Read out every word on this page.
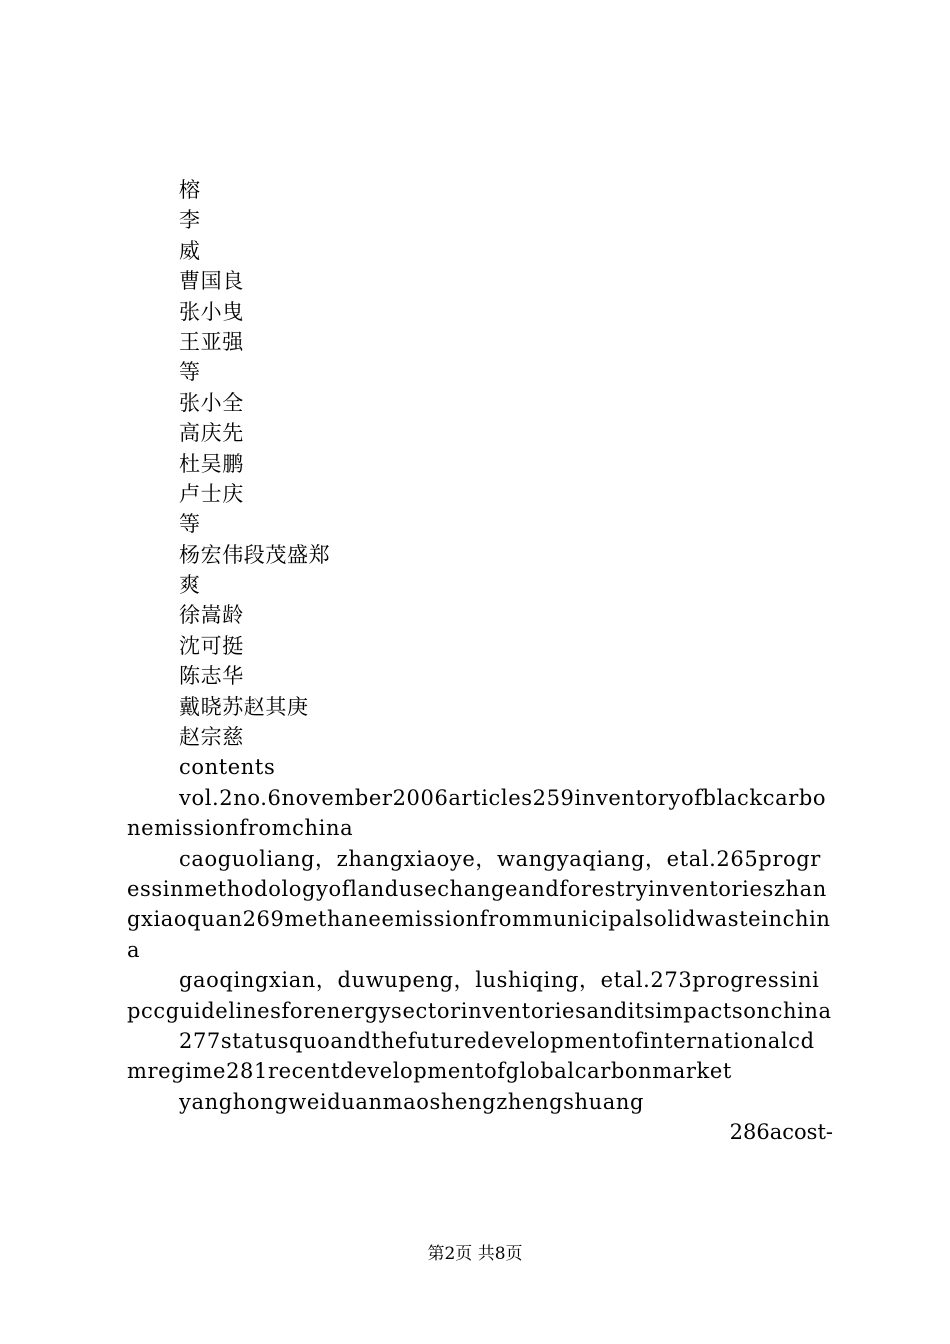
榕
李
威
曹国良
张小曳
王亚强
等
张小全
高庆先
杜吴鹏
卢士庆
等
杨宏伟段茂盛郑
爽
徐嵩龄
沈可挺
陈志华
戴晓苏赵其庚
赵宗慈
contents

vol.2no.6november2006articles259inventoryofblackcarbonemissionfromchina

caoguoliang，zhangxiaoye，wangyaqiang，etal.265progressinmethodologyoflandusechangeandforestryinventorieszhangxiaoquan269methaneemissionfrommunicipalsolidwasteinchina

gaoqingxian，duwupeng，lushiqing，etal.273progressinipccguidelinesforenergysectorinventoriesanditsimpactsonchina

277statusquoandthefuturedevelopmentofinternationalcdmregime281recentdevelopmentofglobalcarbonmarket

yanghongweiduanmaoshengzhengshuang

286acost-

第2页 共8页
